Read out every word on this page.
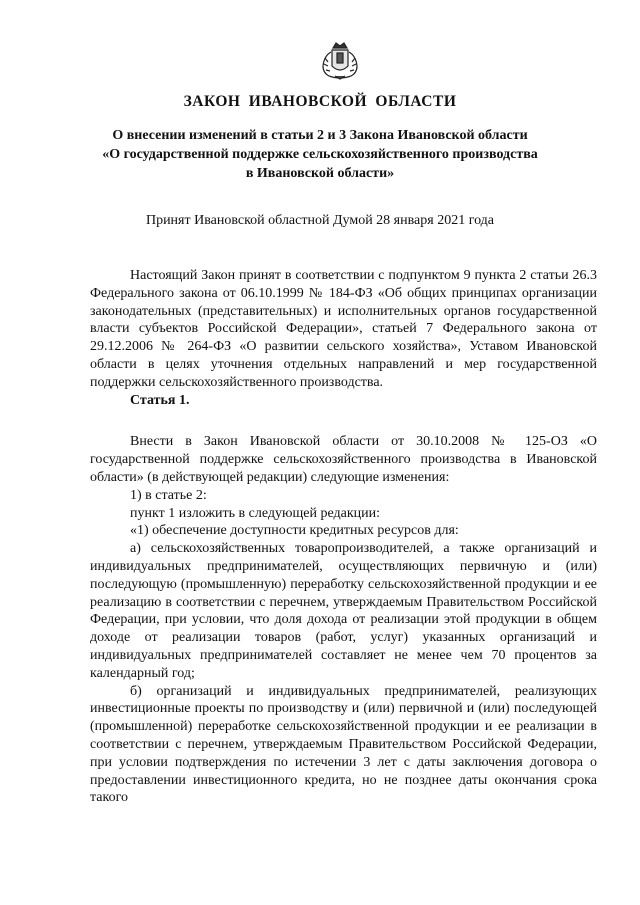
ЗАКОН ИВАНОВСКОЙ ОБЛАСТИ
О внесении изменений в статьи 2 и 3 Закона Ивановской области
«О государственной поддержке сельскохозяйственного производства
в Ивановской области»

Принят Ивановской областной Думой 28 января 2021 года

Настоящий Закон принят в соответствии с подпунктом 9 пункта 2 статьи 26.3 Федерального закона от 06.10.1999 № 184-ФЗ «Об общих принципах организации законодательных (представительных) и исполнительных органов государственной власти субъектов Российской Федерации», статьей 7 Федерального закона от 29.12.2006 № 264-ФЗ «О развитии сельского хозяйства», Уставом Ивановской области в целях уточнения отдельных направлений и мер государственной поддержки сельскохозяйственного производства.

Статья 1.

Внести в Закон Ивановской области от 30.10.2008 № 125-ОЗ «О государственной поддержке сельскохозяйственного производства в Ивановской области» (в действующей редакции) следующие изменения:

1) в статье 2:

пункт 1 изложить в следующей редакции:

«1) обеспечение доступности кредитных ресурсов для:

а) сельскохозяйственных товаропроизводителей, а также организаций и индивидуальных предпринимателей, осуществляющих первичную и (или) последующую (промышленную) переработку сельскохозяйственной продукции и ее реализацию в соответствии с перечнем, утверждаемым Правительством Российской Федерации, при условии, что доля дохода от реализации этой продукции в общем доходе от реализации товаров (работ, услуг) указанных организаций и индивидуальных предпринимателей составляет не менее чем 70 процентов за календарный год;

б) организаций и индивидуальных предпринимателей, реализующих инвестиционные проекты по производству и (или) первичной и (или) последующей (промышленной) переработке сельскохозяйственной продукции и ее реализации в соответствии с перечнем, утверждаемым Правительством Российской Федерации, при условии подтверждения по истечении 3 лет с даты заключения договора о предоставлении инвестиционного кредита, но не позднее даты окончания срока такого
